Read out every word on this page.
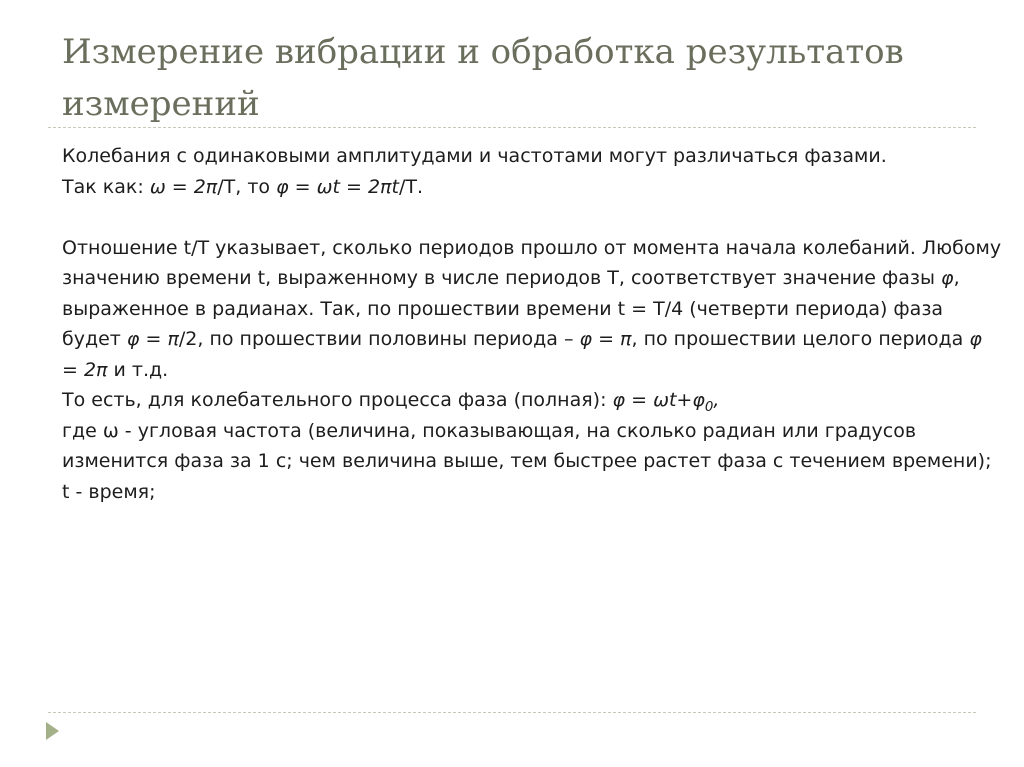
Измерение вибрации и обработка результатов измерений

Колебания с одинаковыми амплитудами и частотами могут различаться фазами.

Так как: ω = 2π/Т, то φ = ωt = 2πt/Т.

Отношение t/Т указывает, сколько периодов прошло от момента начала колебаний. Любому значению времени t, выраженному в числе периодов Т, соответствует значение фазы φ, выраженное в радианах. Так, по прошествии времени t = Т/4 (четверти периода) фаза будет φ = π/2, по прошествии половины периода – φ = π, по прошествии целого периода φ = 2π и т.д.

То есть, для колебательного процесса фаза (полная): $\varphi = \omega t+\varphi_0$,

где ω - угловая частота (величина, показывающая, на сколько радиан или градусов изменится фаза за 1 с; чем величина выше, тем быстрее растет фаза с течением времени); t - время;
